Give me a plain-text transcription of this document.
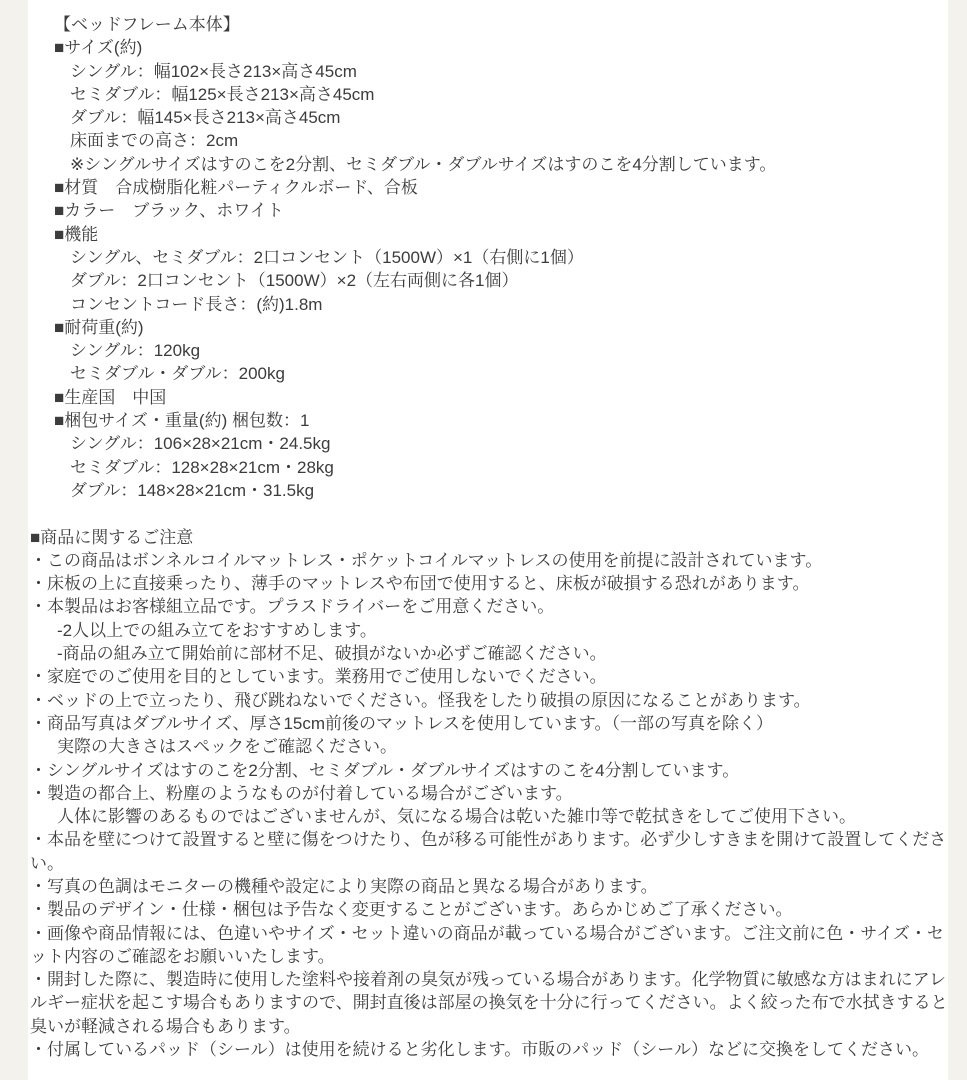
【ベッドフレーム本体】
■サイズ(約)
シングル：幅102×長さ213×高さ45cm
セミダブル：幅125×長さ213×高さ45cm
ダブル：幅145×長さ213×高さ45cm
床面までの高さ：2cm
※シングルサイズはすのこを2分割、セミダブル・ダブルサイズはすのこを4分割しています。
■材質　合成樹脂化粧パーティクルボード、合板
■カラー　ブラック、ホワイト
■機能
シングル、セミダブル：2口コンセント（1500W）×1（右側に1個）
ダブル：2口コンセント（1500W）×2（左右両側に各1個）
コンセントコード長さ：(約)1.8m
■耐荷重(約)
シングル：120kg
セミダブル・ダブル：200kg
■生産国　中国
■梱包サイズ・重量(約) 梱包数：1
シングル：106×28×21cm・24.5kg
セミダブル：128×28×21cm・28kg
ダブル：148×28×21cm・31.5kg
■商品に関するご注意
・この商品はボンネルコイルマットレス・ポケットコイルマットレスの使用を前提に設計されています。
・床板の上に直接乗ったり、薄手のマットレスや布団で使用すると、床板が破損する恐れがあります。
・本製品はお客様組立品です。プラスドライバーをご用意ください。
-2人以上での組み立てをおすすめします。
-商品の組み立て開始前に部材不足、破損がないか必ずご確認ください。
・家庭でのご使用を目的としています。業務用でご使用しないでください。
・ベッドの上で立ったり、飛び跳ねないでください。怪我をしたり破損の原因になることがあります。
・商品写真はダブルサイズ、厚さ15cm前後のマットレスを使用しています。（一部の写真を除く）
実際の大きさはスペックをご確認ください。
・シングルサイズはすのこを2分割、セミダブル・ダブルサイズはすのこを4分割しています。
・製造の都合上、粉塵のようなものが付着している場合がございます。
人体に影響のあるものではございませんが、気になる場合は乾いた雑巾等で乾拭きをしてご使用下さい。
・本品を壁につけて設置すると壁に傷をつけたり、色が移る可能性があります。必ず少しすきまを開けて設置してください。
・写真の色調はモニターの機種や設定により実際の商品と異なる場合があります。
・製品のデザイン・仕様・梱包は予告なく変更することがございます。あらかじめご了承ください。
・画像や商品情報には、色違いやサイズ・セット違いの商品が載っている場合がございます。ご注文前に色・サイズ・セット内容のご確認をお願いいたします。
・開封した際に、製造時に使用した塗料や接着剤の臭気が残っている場合があります。化学物質に敏感な方はまれにアレルギー症状を起こす場合もありますので、開封直後は部屋の換気を十分に行ってください。よく絞った布で水拭きすると臭いが軽減される場合もあります。
・付属しているパッド（シール）は使用を続けると劣化します。市販のパッド（シール）などに交換をしてください。
